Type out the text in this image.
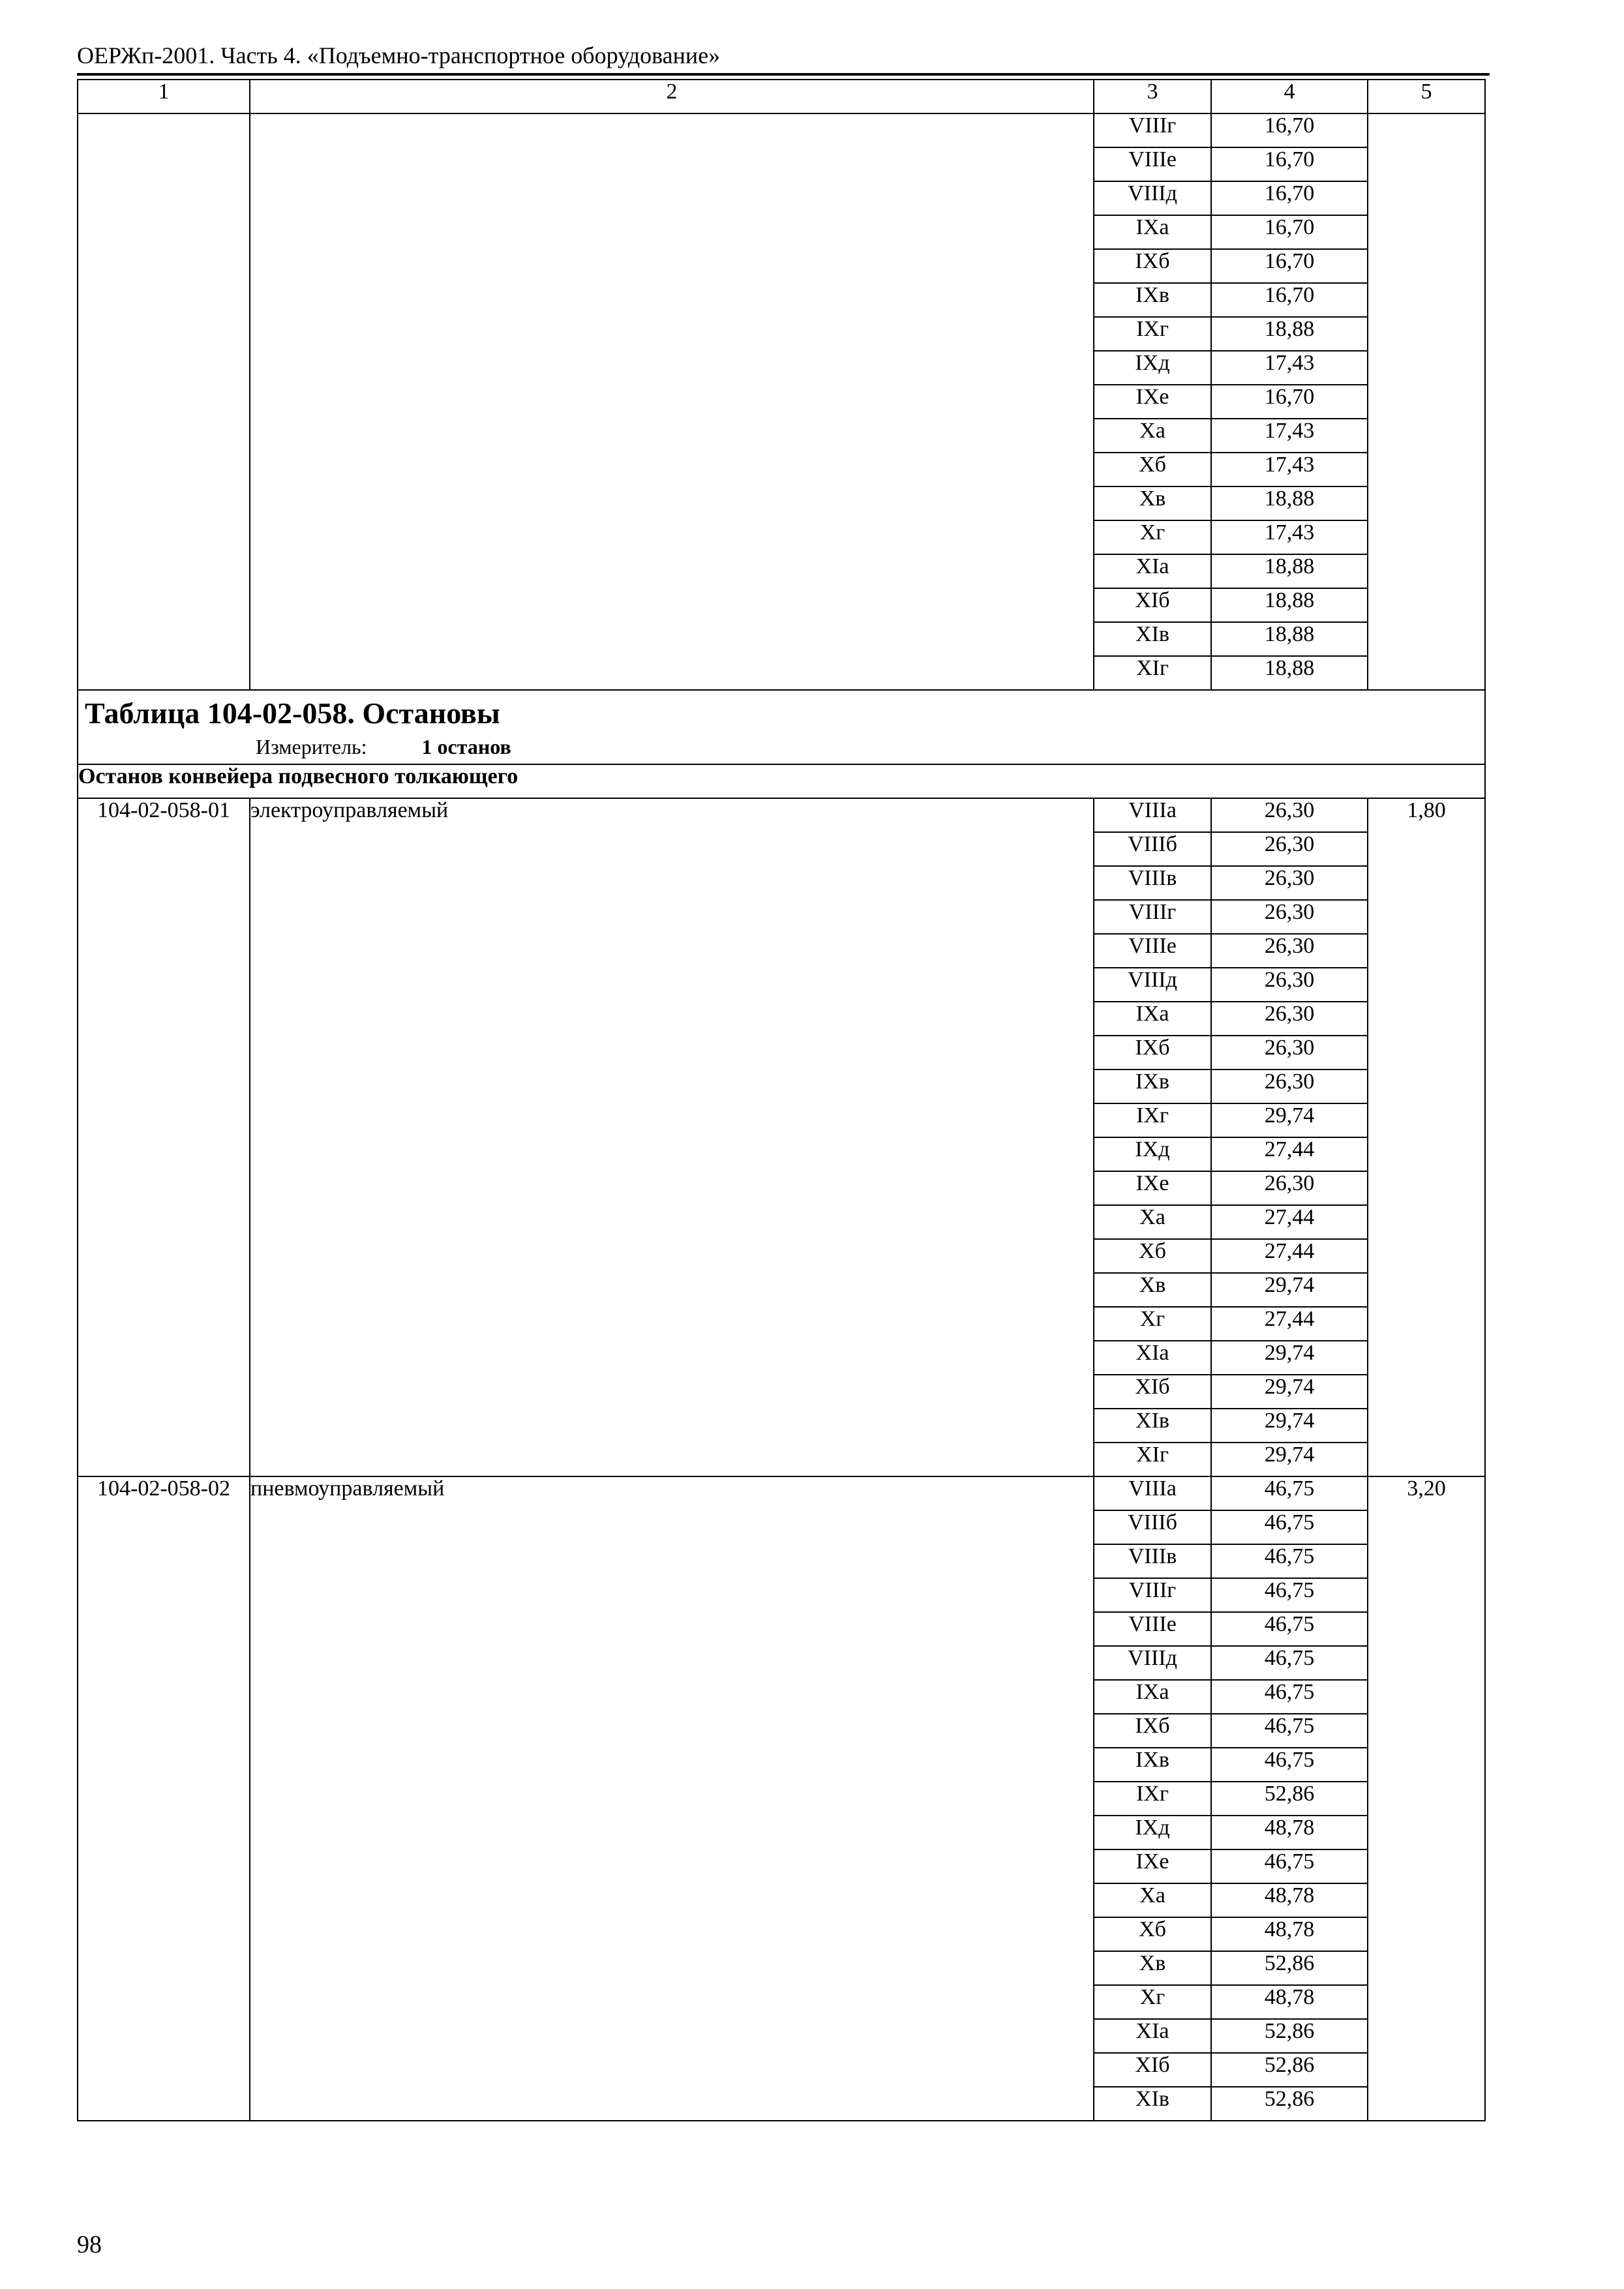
ОЕРЖп-2001. Часть 4. «Подъемно-транспортное оборудование»
1	2	3	4	5
		VIIIг	16,70	
		VIIIе	16,70	
		VIIIд	16,70	
		IXа	16,70	
		IXб	16,70	
		IXв	16,70	
		IXг	18,88	
		IXд	17,43	
		IXе	16,70	
		Xа	17,43	
		Xб	17,43	
		Xв	18,88	
		Xг	17,43	
		XIа	18,88	
		XIб	18,88	
		XIв	18,88	
		XIг	18,88	

Таблица 104-02-058. Остановы
Измеритель: 1 останов				

Останов конвейера подвесного толкающего				
104-02-058-01	электроуправляемый	VIIIа	26,30	1,80
		VIIIб	26,30	
		VIIIв	26,30	
		VIIIг	26,30	
		VIIIе	26,30	
		VIIIд	26,30	
		IXа	26,30	
		IXб	26,30	
		IXв	26,30	
		IXг	29,74	
		IXд	27,44	
		IXе	26,30	
		Xа	27,44	
		Xб	27,44	
		Xв	29,74	
		Xг	27,44	
		XIа	29,74	
		XIб	29,74	
		XIв	29,74	
		XIг	29,74	
104-02-058-02	пневмоуправляемый	VIIIа	46,75	3,20
		VIIIб	46,75	
		VIIIв	46,75	
		VIIIг	46,75	
		VIIIе	46,75	
		VIIIд	46,75	
		IXа	46,75	
		IXб	46,75	
		IXв	46,75	
		IXг	52,86	
		IXд	48,78	
		IXе	46,75	
		Xа	48,78	
		Xб	48,78	
		Xв	52,86	
		Xг	48,78	
		XIа	52,86	
		XIб	52,86	
		XIв	52,86	
98
